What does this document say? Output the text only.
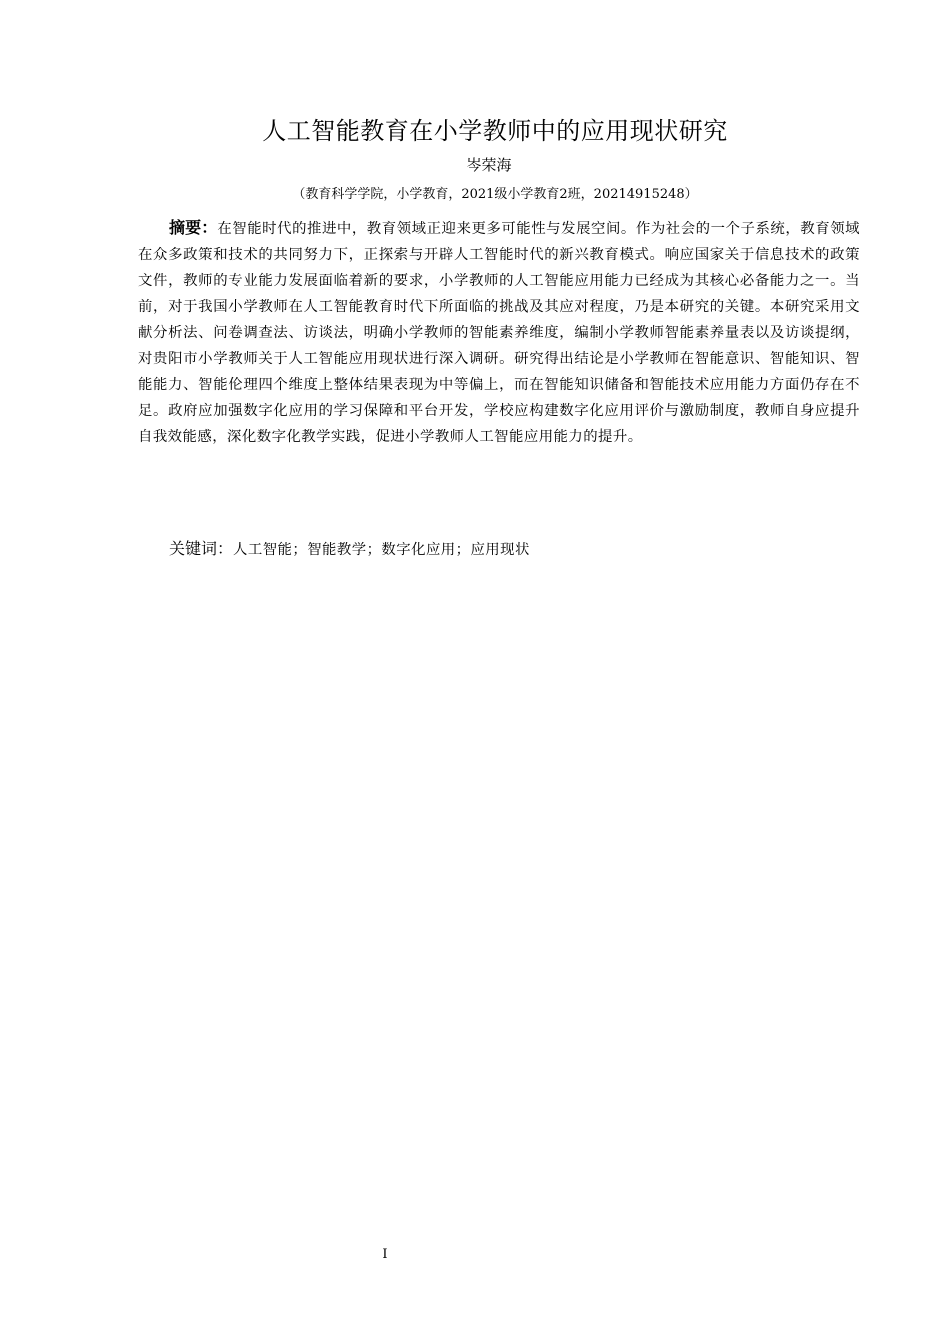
人工智能教育在小学教师中的应用现状研究
岑荣海
（教育科学学院，小学教育，2021级小学教育2班，20214915248）

摘要：在智能时代的推进中，教育领域正迎来更多可能性与发展空间。作为社会的一个子系统，教育领域在众多政策和技术的共同努力下，正探索与开辟人工智能时代的新兴教育模式。响应国家关于信息技术的政策文件，教师的专业能力发展面临着新的要求，小学教师的人工智能应用能力已经成为其核心必备能力之一。当前，对于我国小学教师在人工智能教育时代下所面临的挑战及其应对程度，乃是本研究的关键。本研究采用文献分析法、问卷调查法、访谈法，明确小学教师的智能素养维度，编制小学教师智能素养量表以及访谈提纲，对贵阳市小学教师关于人工智能应用现状进行深入调研。研究得出结论是小学教师在智能意识、智能知识、智能能力、智能伦理四个维度上整体结果表现为中等偏上，而在智能知识储备和智能技术应用能力方面仍存在不足。政府应加强数字化应用的学习保障和平台开发，学校应构建数字化应用评价与激励制度，教师自身应提升自我效能感，深化数字化教学实践，促进小学教师人工智能应用能力的提升。

关键词：人工智能；智能教学；数字化应用；应用现状

I
